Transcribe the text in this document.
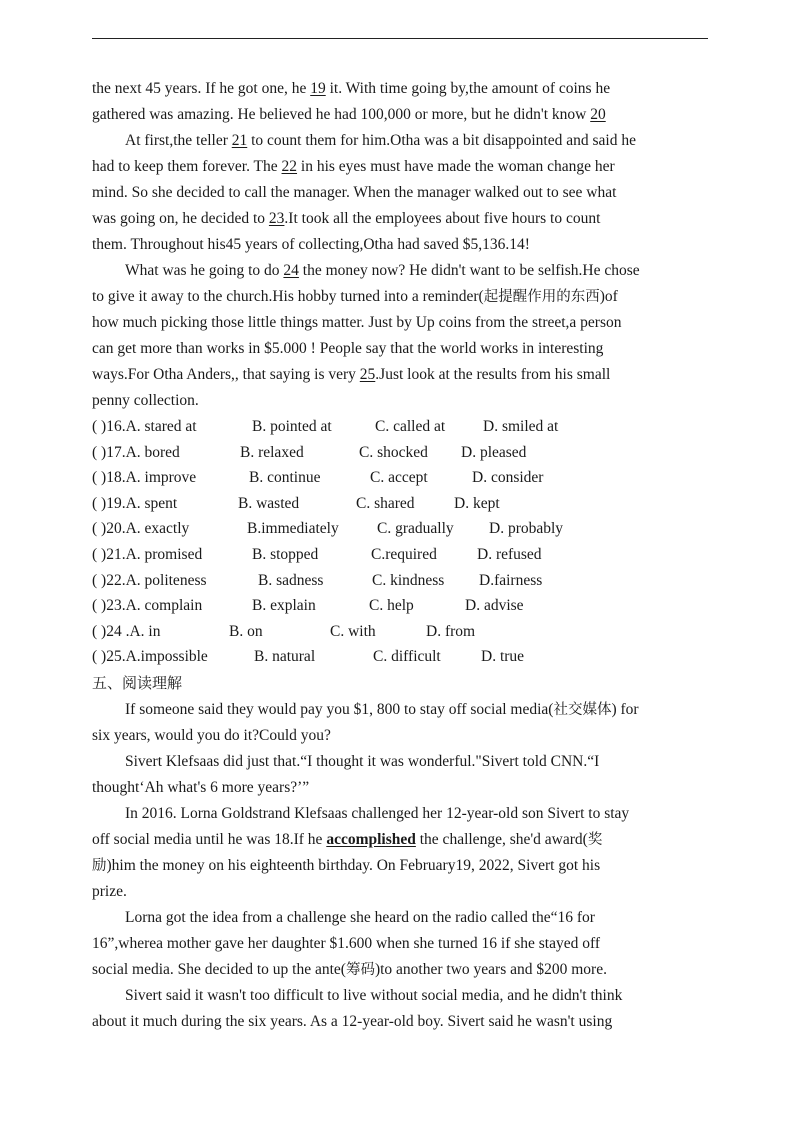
the next 45 years. If he got one, he 19 it. With time going by,the amount of coins he
gathered was amazing. He believed he had 100,000 or more, but he didn't know 20
At first,the teller 21 to count them for him.Otha was a bit disappointed and said he
had to keep them forever. The 22 in his eyes must have made the woman change her
mind. So she decided to call the manager. When the manager walked out to see what
was going on, he decided to 23.It took all the employees about five hours to count
them. Throughout his45 years of collecting,Otha had saved $5,136.14!
What was he going to do 24 the money now? He didn't want to be selfish.He chose
to give it away to the church.His hobby turned into a reminder(起提醒作用的东西)of
how much picking those little things matter. Just by Up coins from the street,a person
can get more than works in $5.000 ! People say that the world works in interesting
ways.For Otha Anders,, that saying is very 25.Just look at the results from his small
penny collection.
( )16.A. stared at	B. pointed at	C. called at D. smiled at
( )17.A. bored	B. relaxed	C. shocked D. pleased
( )18.A. improve	B. continue	C. accept	D. consider
( )19.A. spent	B. wasted	C. shared	D. kept
( )20.A. exactly	B.immediately C. gradually D. probably
( )21.A. promised	B. stopped	C.required	D. refused
( )22.A. politeness	B. sadness	C. kindness D.fairness
( )23.A. complain	B. explain	C. help	D. advise
( )24 .A. in	B. on	C. with	D. from
( )25.A.impossible	B. natural	C. difficult	D. true
五、阅读理解
If someone said they would pay you $1, 800 to stay off social media(社交媒体) for
six years, would you do it?Could you?
Sivert Klefsaas did just that.“I thought it was wonderful."Sivert told CNN.“I
thought‘Ah what's 6 more years?’”
In 2016. Lorna Goldstrand Klefsaas challenged her 12-year-old son Sivert to stay
off social media until he was 18.If he accomplished the challenge, she'd award(奖
励)him the money on his eighteenth birthday. On February19, 2022, Sivert got his
prize.
Lorna got the idea from a challenge she heard on the radio called the“16 for
16”,wherea mother gave her daughter $1.600 when she turned 16 if she stayed off
social media. She decided to up the ante(筹码)to another two years and $200 more.
Sivert said it wasn't too difficult to live without social media, and he didn't think
about it much during the six years. As a 12-year-old boy. Sivert said he wasn't using
